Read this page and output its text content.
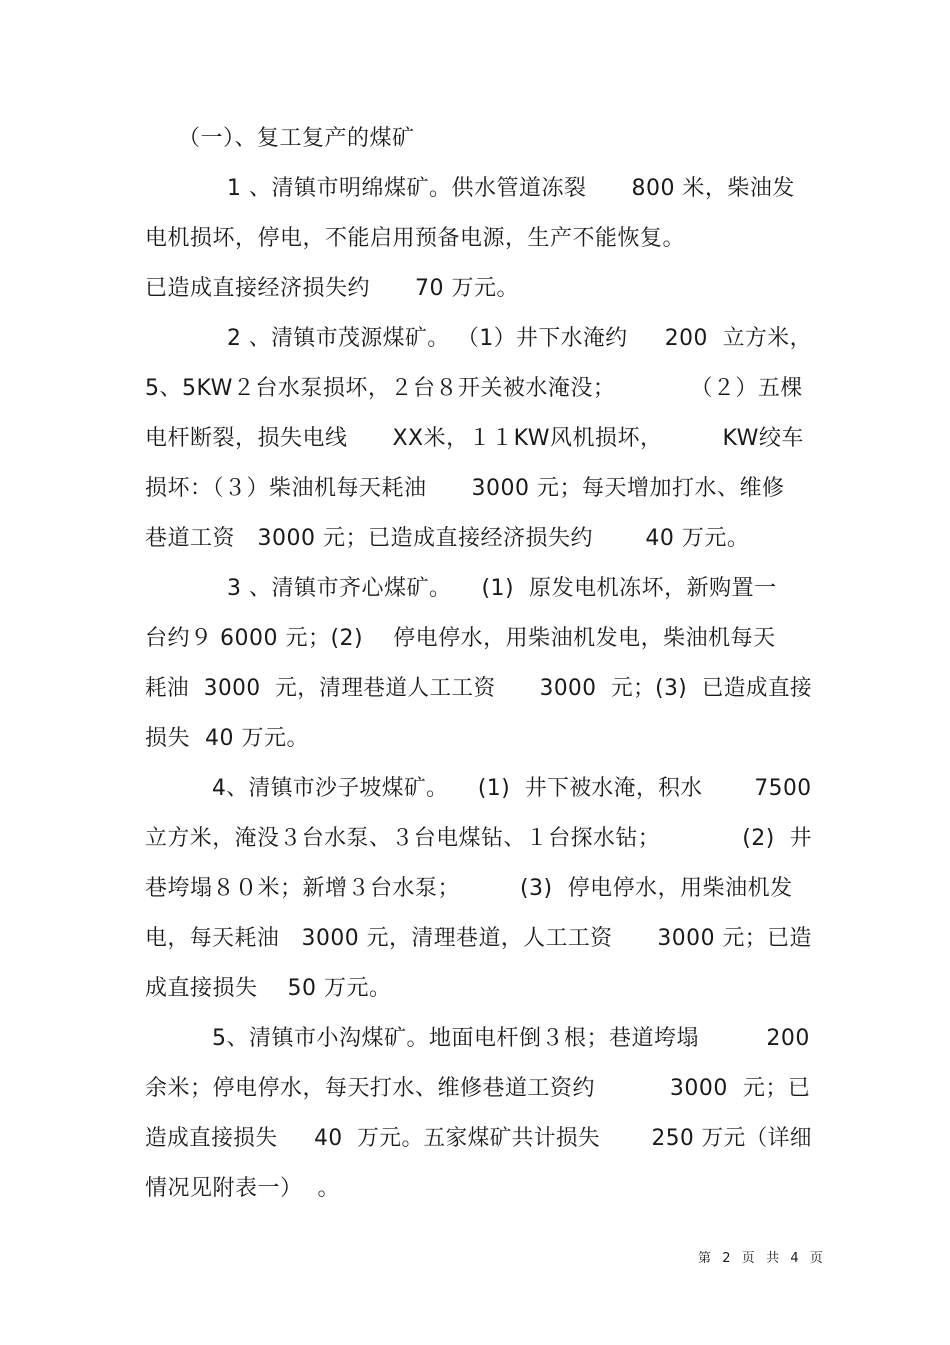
（一）、复工复产的煤矿
1 、清镇市明绵煤矿。供水管道冻裂      800 米，柴油发
电机损坏，停电，不能启用预备电源，生产不能恢复。
已造成直接经济损失约      70 万元。
2 、清镇市茂源煤矿。 （1）井下水淹约     200  立方米，
5、5KW２台水泵损坏，２台８开关被水淹没；          （２）五棵
电杆断裂，损失电线      XX米，１１KW风机损坏，        KW绞车
损坏：（３）柴油机每天耗油      3000 元；每天增加打水、维修
巷道工资   3000 元；已造成直接经济损失约       40 万元。
3 、清镇市齐心煤矿。    (1)  原发电机冻坏，新购置一
台约９ 6000 元；(2)    停电停水，用柴油机发电，柴油机每天
耗油  3000  元，清理巷道人工工资      3000  元；(3)  已造成直接
损失  40 万元。
4、清镇市沙子坡煤矿。    (1)  井下被水淹，积水       7500
立方米，淹没３台水泵、３台电煤钻、１台探水钻；           (2)  井
巷垮塌８０米；新增３台水泵；        (3)  停电停水，用柴油机发
电，每天耗油   3000 元，清理巷道，人工工资      3000 元；已造
成直接损失    50 万元。
5、清镇市小沟煤矿。地面电杆倒３根；巷道垮塌         200
余米；停电停水，每天打水、维修巷道工资约          3000  元；已
造成直接损失     40  万元。五家煤矿共计损失       250 万元（详细
情况见附表一）  。
第  2  页  共  4  页
